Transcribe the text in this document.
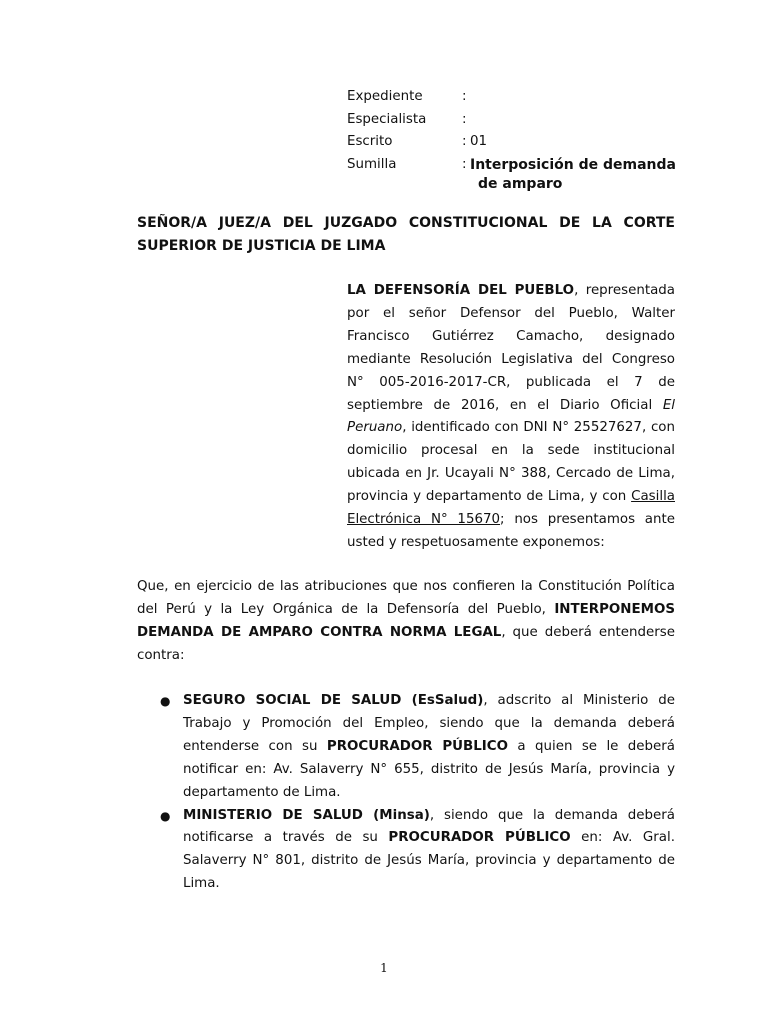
Expediente	:	
Especialista	:	
Escrito	:	01
Sumilla	:	Interposición de demanda
de amparo
SEÑOR/A JUEZ/A DEL JUZGADO CONSTITUCIONAL DE LA CORTE
SUPERIOR DE JUSTICIA DE LIMA

LA DEFENSORÍA DEL PUEBLO, representada por el señor Defensor del Pueblo, Walter Francisco Gutiérrez Camacho, designado mediante Resolución Legislativa del Congreso N° 005-2016-2017-CR, publicada el 7 de septiembre de 2016, en el Diario Oficial El Peruano, identificado con DNI N° 25527627, con domicilio procesal en la sede institucional ubicada en Jr. Ucayali N° 388, Cercado de Lima, provincia y departamento de Lima, y con Casilla Electrónica N° 15670; nos presentamos ante usted y respetuosamente exponemos:

Que, en ejercicio de las atribuciones que nos confieren la Constitución Política del Perú y la Ley Orgánica de la Defensoría del Pueblo, INTERPONEMOS DEMANDA DE AMPARO CONTRA NORMA LEGAL, que deberá entenderse contra:

● SEGURO SOCIAL DE SALUD (EsSalud), adscrito al Ministerio de Trabajo y Promoción del Empleo, siendo que la demanda deberá entenderse con su PROCURADOR PÚBLICO a quien se le deberá notificar en: Av. Salaverry N° 655, distrito de Jesús María, provincia y departamento de Lima.
● MINISTERIO DE SALUD (Minsa), siendo que la demanda deberá notificarse a través de su PROCURADOR PÚBLICO en: Av. Gral. Salaverry N° 801, distrito de Jesús María, provincia y departamento de Lima.
1
